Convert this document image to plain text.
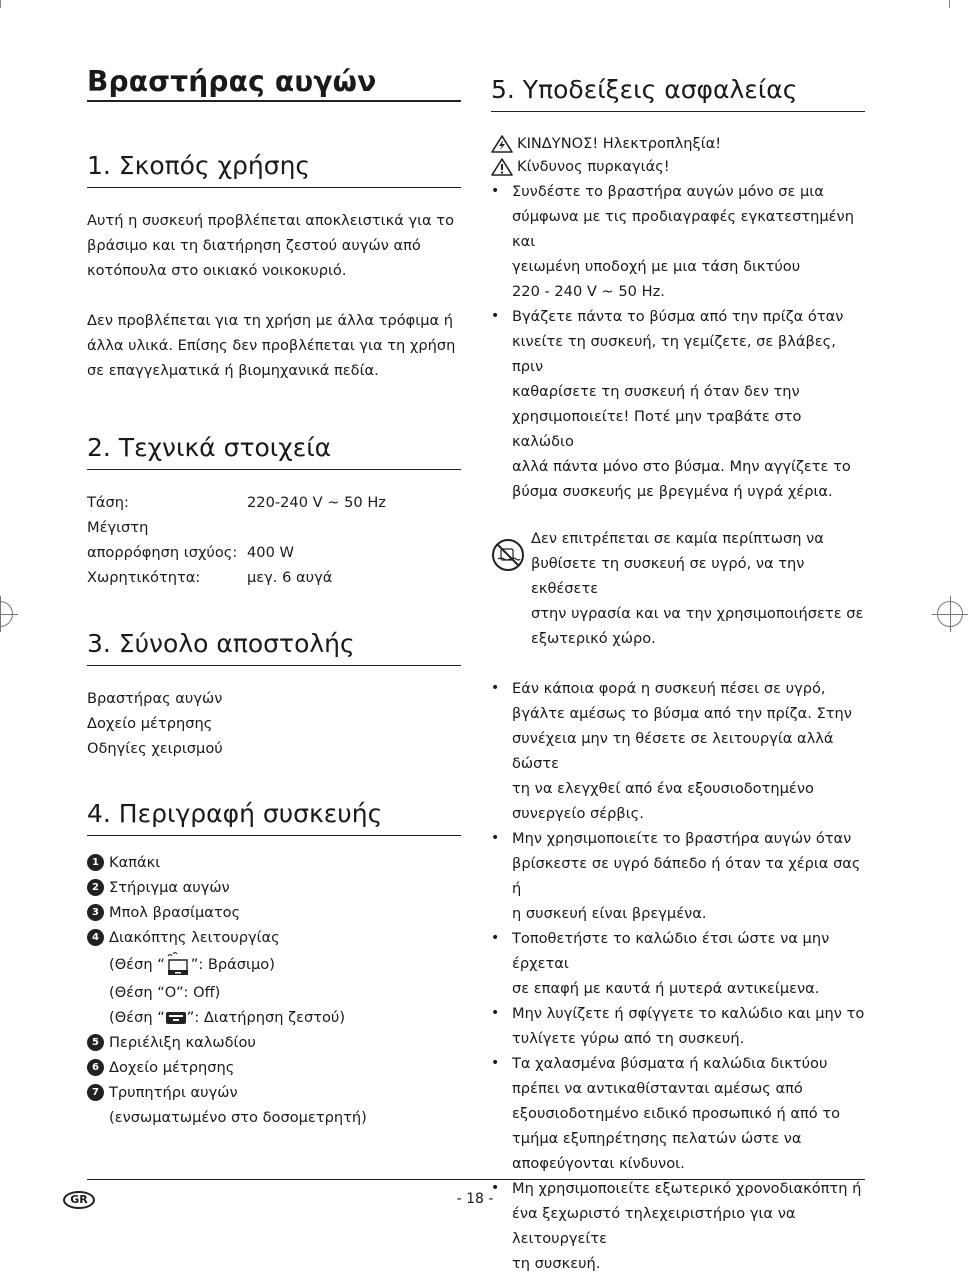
Βραστήρας αυγών
1. Σκοπός χρήσης
Αυτή η συσκευή προβλέπεται αποκλειστικά για το
βράσιμο και τη διατήρηση ζεστού αυγών από
κοτόπουλα στο οικιακό νοικοκυριό.
Δεν προβλέπεται για τη χρήση με άλλα τρόφιμα ή
άλλα υλικά. Επίσης δεν προβλέπεται για τη χρήση
σε επαγγελματικά ή βιομηχανικά πεδία.
2. Τεχνικά στοιχεία
Τάση:	220-240 V ~ 50 Hz
Μέγιστη
απορρόφηση ισχύος: 400 W
Χωρητικότητα:	μεγ. 6 αυγά
3. Σύνολο αποστολής
Βραστήρας αυγών
Δοχείο μέτρησης
Οδηγίες χειρισμού
4. Περιγραφή συσκευής
1 Καπάκι
2 Στήριγμα αυγών
3 Μπολ βρασίματος
4 Διακόπτης λειτουργίας
(Θέση “ ”: Βράσιμο)
(Θέση “O”: Off)
(Θέση “ ”: Διατήρηση ζεστού)
5 Περιέλιξη καλωδίου
6 Δοχείο μέτρησης
7 Τρυπητήρι αυγών
(ενσωματωμένο στο δοσομετρητή)
5. Υποδείξεις ασφαλείας
ΚΙΝΔΥΝΟΣ! Ηλεκτροπληξία!
Κίνδυνος πυρκαγιάς!
• Συνδέστε το βραστήρα αυγών μόνο σε μια
σύμφωνα με τις προδιαγραφές εγκατεστημένη και
γειωμένη υποδοχή με μια τάση δικτύου
220 - 240 V ~ 50 Hz.
• Βγάζετε πάντα το βύσμα από την πρίζα όταν
κινείτε τη συσκευή, τη γεμίζετε, σε βλάβες, πριν
καθαρίσετε τη συσκευή ή όταν δεν την
χρησιμοποιείτε! Ποτέ μην τραβάτε στο καλώδιο
αλλά πάντα μόνο στο βύσμα. Μην αγγίζετε το
βύσμα συσκευής με βρεγμένα ή υγρά χέρια.
Δεν επιτρέπεται σε καμία περίπτωση να
βυθίσετε τη συσκευή σε υγρό, να την εκθέσετε
στην υγρασία και να την χρησιμοποιήσετε σε
εξωτερικό χώρο.
• Εάν κάποια φορά η συσκευή πέσει σε υγρό,
βγάλτε αμέσως το βύσμα από την πρίζα. Στην
συνέχεια μην τη θέσετε σε λειτουργία αλλά δώστε
τη να ελεγχθεί από ένα εξουσιοδοτημένο
συνεργείο σέρβις.
• Μην χρησιμοποιείτε το βραστήρα αυγών όταν
βρίσκεστε σε υγρό δάπεδο ή όταν τα χέρια σας ή
η συσκευή είναι βρεγμένα.
• Τοποθετήστε το καλώδιο έτσι ώστε να μην έρχεται
σε επαφή με καυτά ή μυτερά αντικείμενα.
• Μην λυγίζετε ή σφίγγετε το καλώδιο και μην το
τυλίγετε γύρω από τη συσκευή.
• Τα χαλασμένα βύσματα ή καλώδια δικτύου
πρέπει να αντικαθίστανται αμέσως από
εξουσιοδοτημένο ειδικό προσωπικό ή από το
τμήμα εξυπηρέτησης πελατών ώστε να
αποφεύγονται κίνδυνοι.
• Μη χρησιμοποιείτε εξωτερικό χρονοδιακόπτη ή
ένα ξεχωριστό τηλεχειριστήριο για να λειτουργείτε
τη συσκευή.
GR	- 18 -
